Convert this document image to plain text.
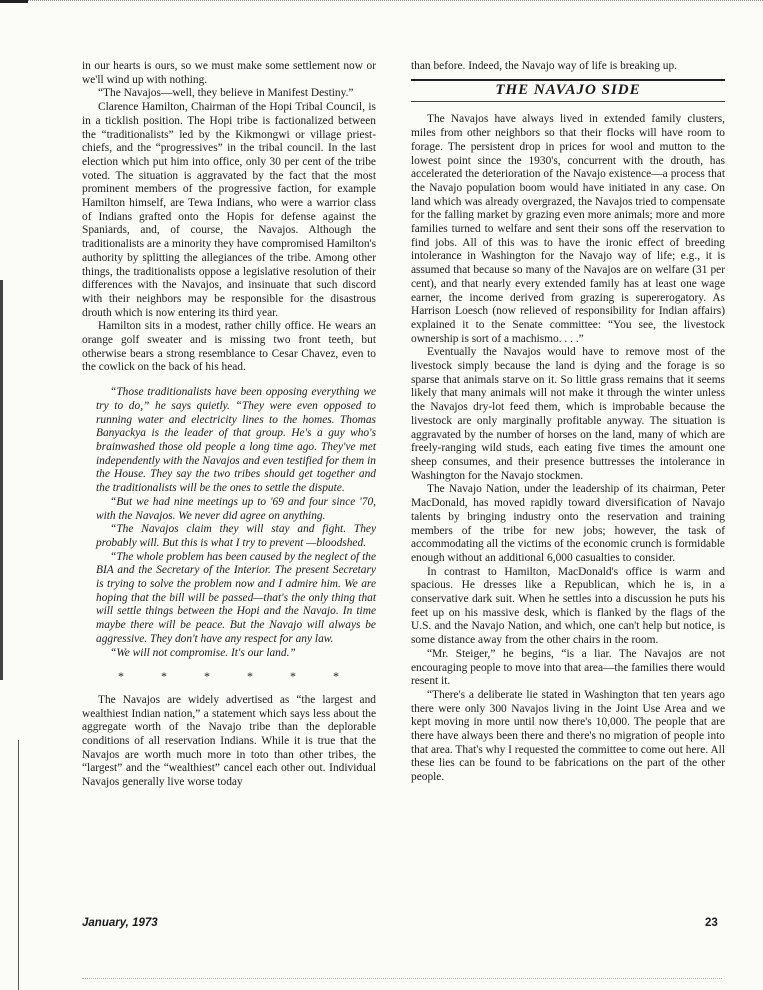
in our hearts is ours, so we must make some settlement now or we'll wind up with nothing.

“The Navajos—well, they believe in Manifest Destiny.”

Clarence Hamilton, Chairman of the Hopi Tribal Council, is in a ticklish position. The Hopi tribe is factionalized between the “traditionalists” led by the Kikmongwi or village priest-chiefs, and the “progressives” in the tribal council. In the last election which put him into office, only 30 per cent of the tribe voted. The situation is aggravated by the fact that the most prominent members of the progressive faction, for example Hamilton himself, are Tewa Indians, who were a warrior class of Indians grafted onto the Hopis for defense against the Spaniards, and, of course, the Navajos. Although the traditionalists are a minority they have compromised Hamilton's authority by splitting the allegiances of the tribe. Among other things, the traditionalists oppose a legislative resolution of their differences with the Navajos, and insinuate that such discord with their neighbors may be responsible for the disastrous drouth which is now entering its third year.

Hamilton sits in a modest, rather chilly office. He wears an orange golf sweater and is missing two front teeth, but otherwise bears a strong resemblance to Cesar Chavez, even to the cowlick on the back of his head.

“Those traditionalists have been opposing everything we try to do,” he says quietly. “They were even opposed to running water and electricity lines to the homes. Thomas Banyackya is the leader of that group. He's a guy who's brainwashed those old people a long time ago. They've met independently with the Navajos and even testified for them in the House. They say the two tribes should get together and the traditionalists will be the ones to settle the dispute.

“But we had nine meetings up to '69 and four since '70, with the Navajos. We never did agree on anything.

“The Navajos claim they will stay and fight. They probably will. But this is what I try to prevent —bloodshed.

“The whole problem has been caused by the neglect of the BIA and the Secretary of the Interior. The present Secretary is trying to solve the problem now and I admire him. We are hoping that the bill will be passed—that's the only thing that will settle things between the Hopi and the Navajo. In time maybe there will be peace. But the Navajo will always be aggressive. They don't have any respect for any law.

“We will not compromise. It's our land.”

* * * * * *

The Navajos are widely advertised as “the largest and wealthiest Indian nation,” a statement which says less about the aggregate worth of the Navajo tribe than the deplorable conditions of all reservation Indians. While it is true that the Navajos are worth much more in toto than other tribes, the “largest” and the “wealthiest” cancel each other out. Individual Navajos generally live worse today

than before. Indeed, the Navajo way of life is breaking up.

THE NAVAJO SIDE

The Navajos have always lived in extended family clusters, miles from other neighbors so that their flocks will have room to forage. The persistent drop in prices for wool and mutton to the lowest point since the 1930's, concurrent with the drouth, has accelerated the deterioration of the Navajo existence—a process that the Navajo population boom would have initiated in any case. On land which was already overgrazed, the Navajos tried to compensate for the falling market by grazing even more animals; more and more families turned to welfare and sent their sons off the reservation to find jobs. All of this was to have the ironic effect of breeding intolerance in Washington for the Navajo way of life; e.g., it is assumed that because so many of the Navajos are on welfare (31 per cent), and that nearly every extended family has at least one wage earner, the income derived from grazing is supererogatory. As Harrison Loesch (now relieved of responsibility for Indian affairs) explained it to the Senate committee: “You see, the livestock ownership is sort of a machismo. . . .”

Eventually the Navajos would have to remove most of the livestock simply because the land is dying and the forage is so sparse that animals starve on it. So little grass remains that it seems likely that many animals will not make it through the winter unless the Navajos dry-lot feed them, which is improbable because the livestock are only marginally profitable anyway. The situation is aggravated by the number of horses on the land, many of which are freely-ranging wild studs, each eating five times the amount one sheep consumes, and their presence buttresses the intolerance in Washington for the Navajo stockmen.

The Navajo Nation, under the leadership of its chairman, Peter MacDonald, has moved rapidly toward diversification of Navajo talents by bringing industry onto the reservation and training members of the tribe for new jobs; however, the task of accommodating all the victims of the economic crunch is formidable enough without an additional 6,000 casualties to consider.

In contrast to Hamilton, MacDonald's office is warm and spacious. He dresses like a Republican, which he is, in a conservative dark suit. When he settles into a discussion he puts his feet up on his massive desk, which is flanked by the flags of the U.S. and the Navajo Nation, and which, one can't help but notice, is some distance away from the other chairs in the room.

“Mr. Steiger,” he begins, “is a liar. The Navajos are not encouraging people to move into that area—the families there would resent it.

“There's a deliberate lie stated in Washington that ten years ago there were only 300 Navajos living in the Joint Use Area and we kept moving in more until now there's 10,000. The people that are there have always been there and there's no migration of people into that area. That's why I requested the committee to come out here. All these lies can be found to be fabrications on the part of the other people.

January, 1973	23
